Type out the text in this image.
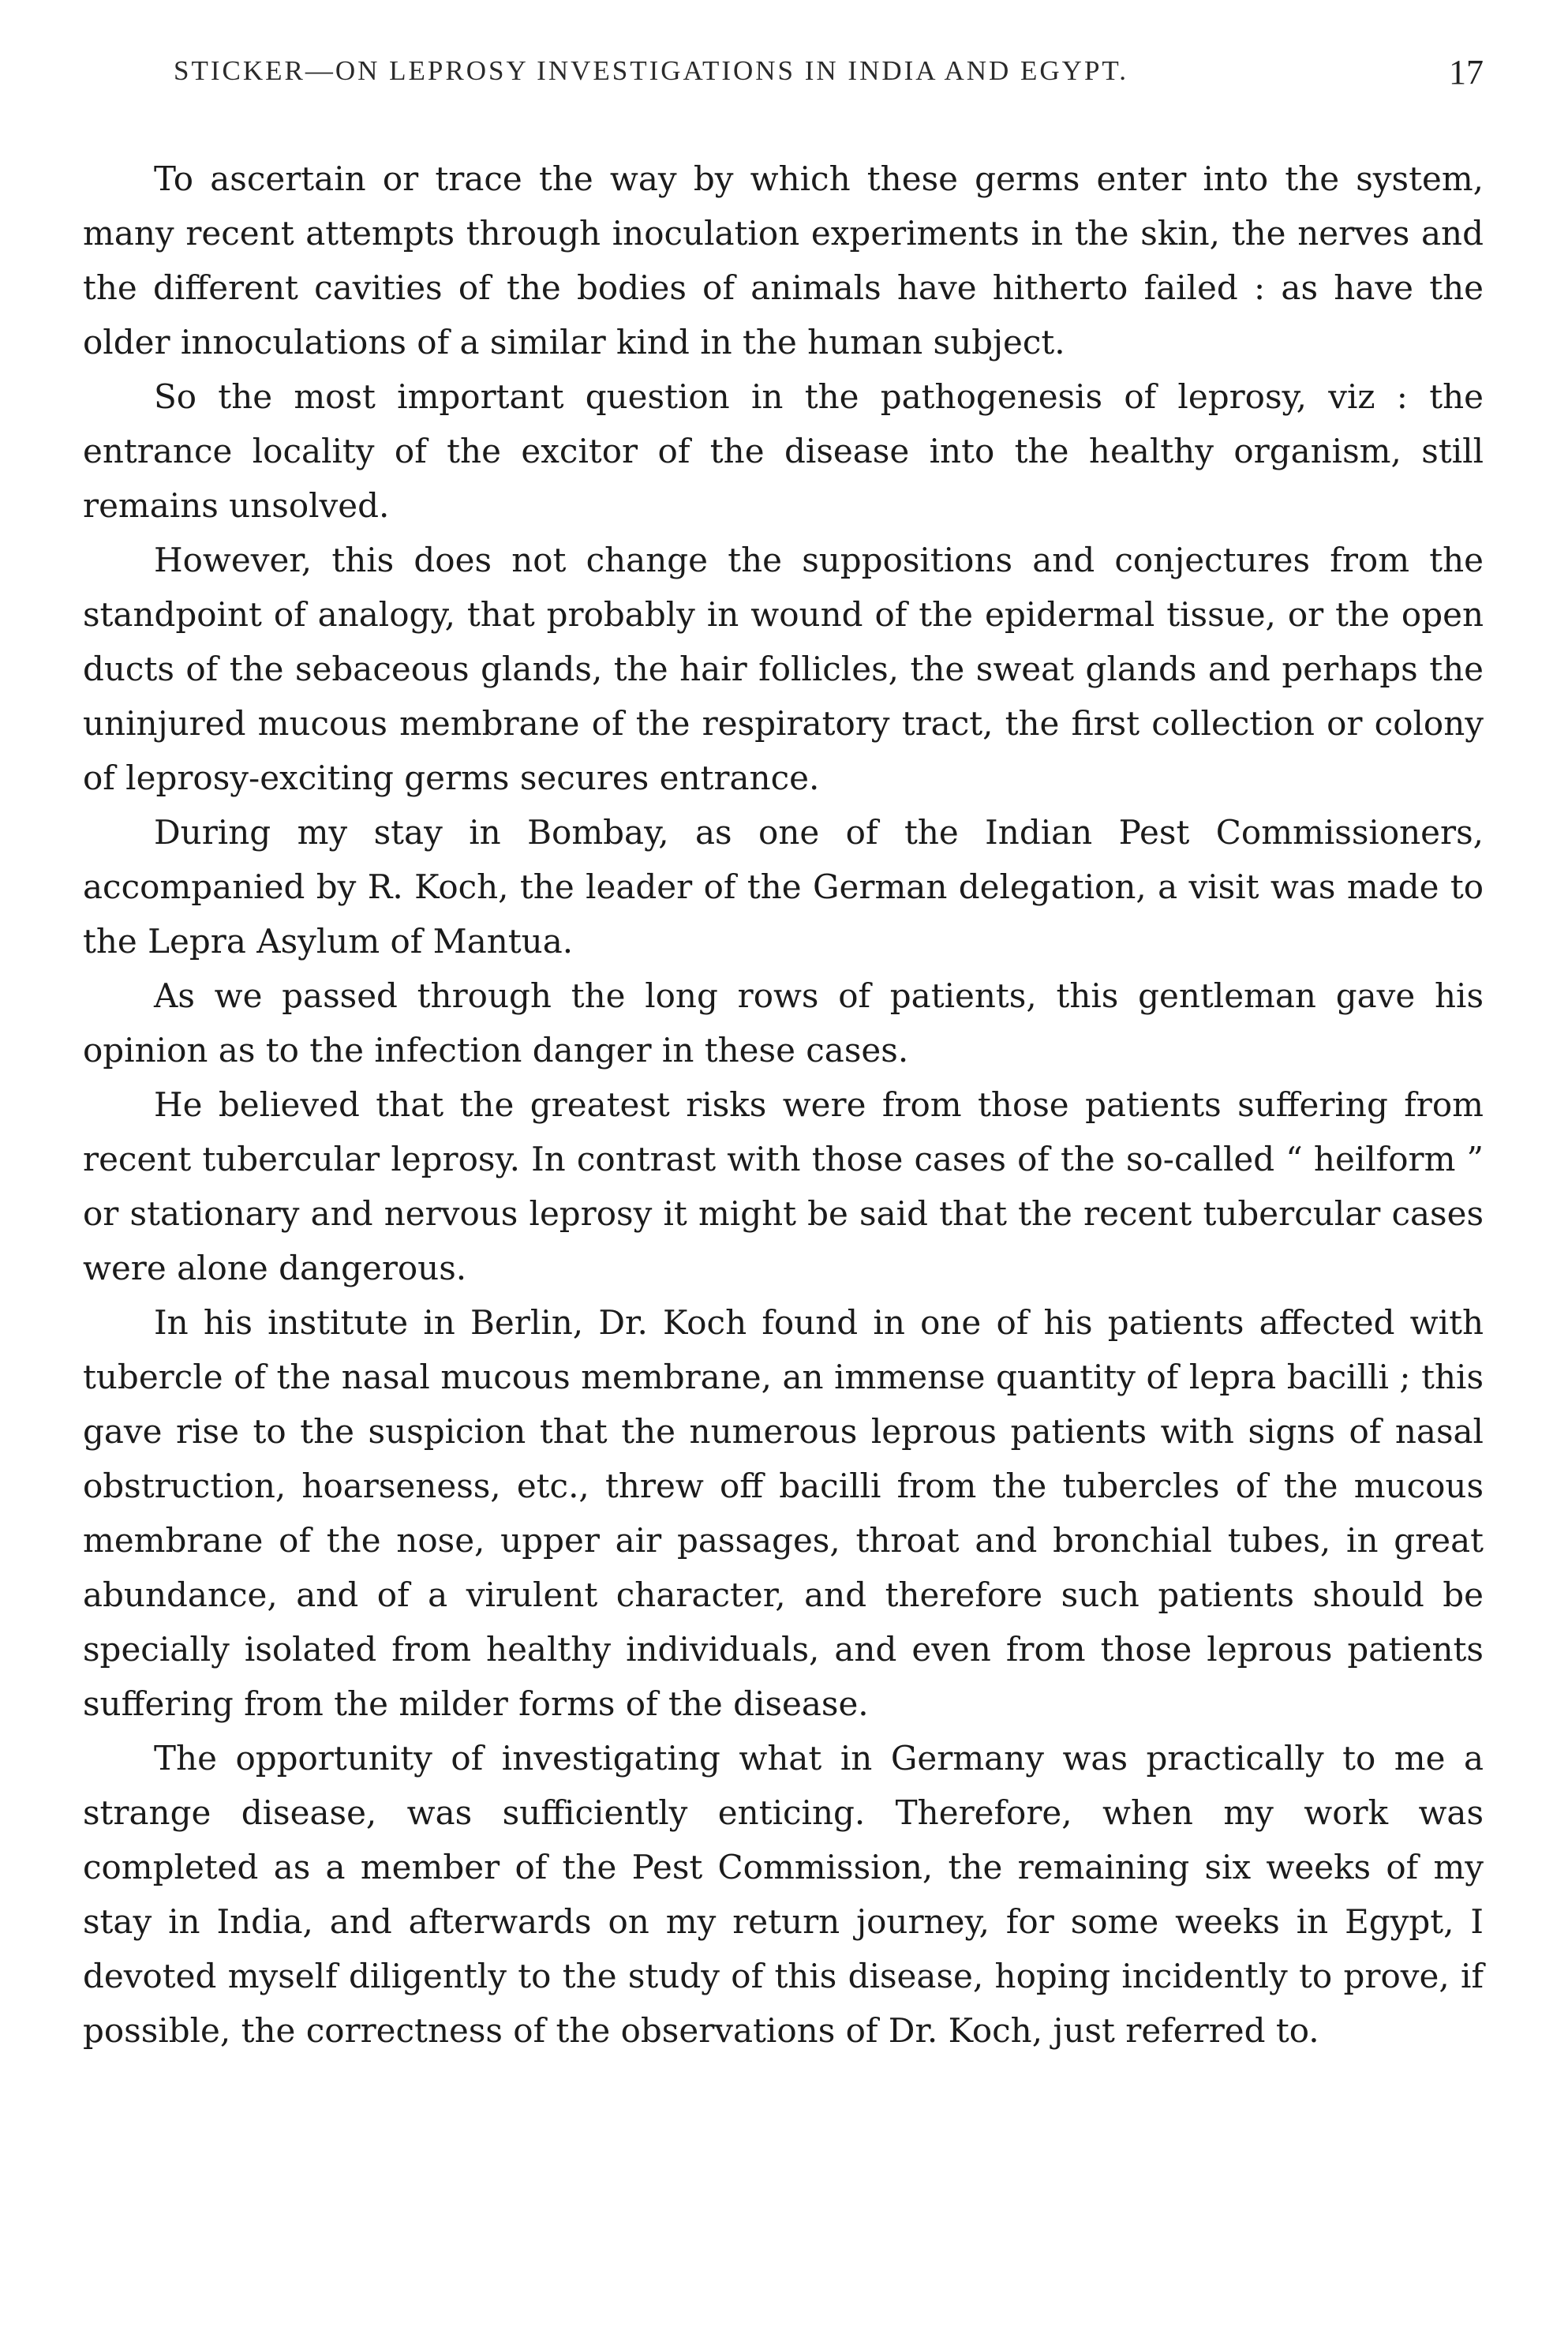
STICKER—ON LEPROSY INVESTIGATIONS IN INDIA AND EGYPT.	17

To ascertain or trace the way by which these germs enter into the system, many recent attempts through inoculation experiments in the skin, the nerves and the different cavities of the bodies of animals have hitherto failed : as have the older innoculations of a similar kind in the human subject.

So the most important question in the pathogenesis of leprosy, viz : the entrance locality of the excitor of the disease into the healthy organism, still remains unsolved.

However, this does not change the suppositions and conjectures from the standpoint of analogy, that probably in wound of the epidermal tissue, or the open ducts of the sebaceous glands, the hair follicles, the sweat glands and perhaps the uninjured mucous membrane of the respiratory tract, the first collection or colony of leprosy-exciting germs secures entrance.

During my stay in Bombay, as one of the Indian Pest Commissioners, accompanied by R. Koch, the leader of the German delegation, a visit was made to the Lepra Asylum of Mantua.

As we passed through the long rows of patients, this gentleman gave his opinion as to the infection danger in these cases.

He believed that the greatest risks were from those patients suffering from recent tubercular leprosy. In contrast with those cases of the so-called “ heilform ” or stationary and nervous leprosy it might be said that the recent tubercular cases were alone dangerous.

In his institute in Berlin, Dr. Koch found in one of his patients affected with tubercle of the nasal mucous membrane, an immense quantity of lepra bacilli ; this gave rise to the suspicion that the numerous leprous patients with signs of nasal obstruction, hoarseness, etc., threw off bacilli from the tubercles of the mucous membrane of the nose, upper air passages, throat and bronchial tubes, in great abundance, and of a virulent character, and therefore such patients should be specially isolated from healthy individuals, and even from those leprous patients suffering from the milder forms of the disease.

The opportunity of investigating what in Germany was practically to me a strange disease, was sufficiently enticing. Therefore, when my work was completed as a member of the Pest Commission, the remaining six weeks of my stay in India, and afterwards on my return journey, for some weeks in Egypt, I devoted myself diligently to the study of this disease, hoping incidently to prove, if possible, the correctness of the observations of Dr. Koch, just referred to.
